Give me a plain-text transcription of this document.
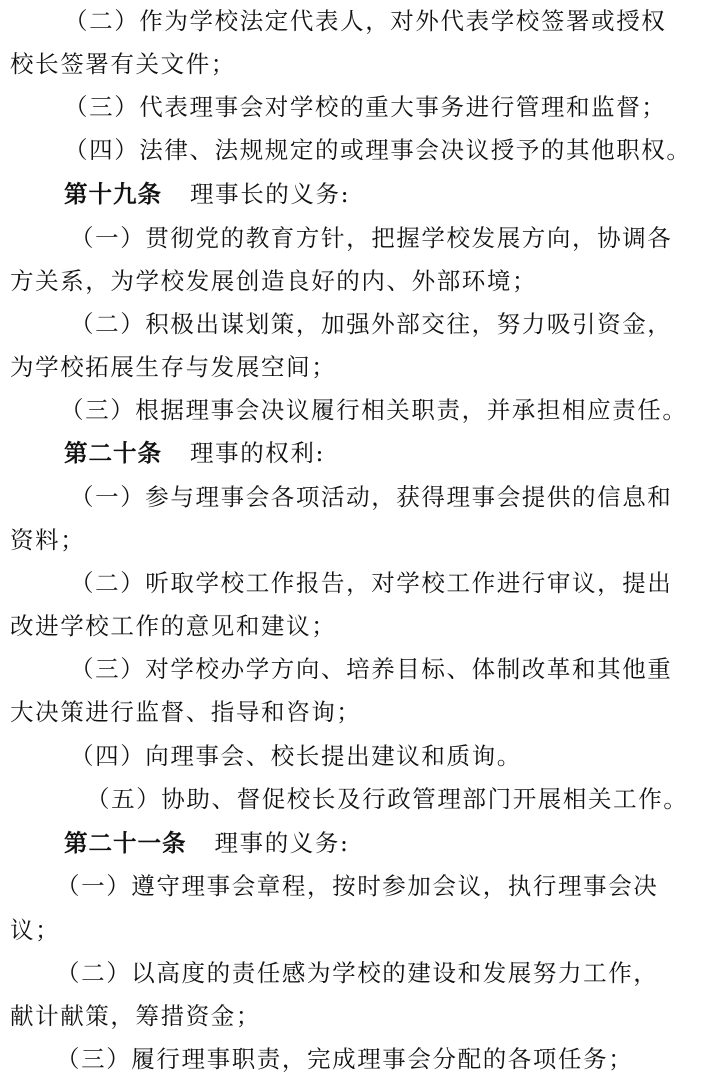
（二）作为学校法定代表人，对外代表学校签署或授权
校长签署有关文件；
（三）代表理事会对学校的重大事务进行管理和监督；
（四）法律、法规规定的或理事会决议授予的其他职权。
第十九条 理事长的义务:
（一）贯彻党的教育方针，把握学校发展方向，协调各
方关系，为学校发展创造良好的内、外部环境；
（二）积极出谋划策，加强外部交往，努力吸引资金，
为学校拓展生存与发展空间；
（三）根据理事会决议履行相关职责，并承担相应责任。
第二十条 理事的权利:
（一）参与理事会各项活动，获得理事会提供的信息和
资料；
（二）听取学校工作报告，对学校工作进行审议，提出
改进学校工作的意见和建议；
（三）对学校办学方向、培养目标、体制改革和其他重
大决策进行监督、指导和咨询；
（四）向理事会、校长提出建议和质询。
（五）协助、督促校长及行政管理部门开展相关工作。
第二十一条 理事的义务:
（一）遵守理事会章程，按时参加会议，执行理事会决
议；
（二）以高度的责任感为学校的建设和发展努力工作，
献计献策，筹措资金；
（三）履行理事职责，完成理事会分配的各项任务；
